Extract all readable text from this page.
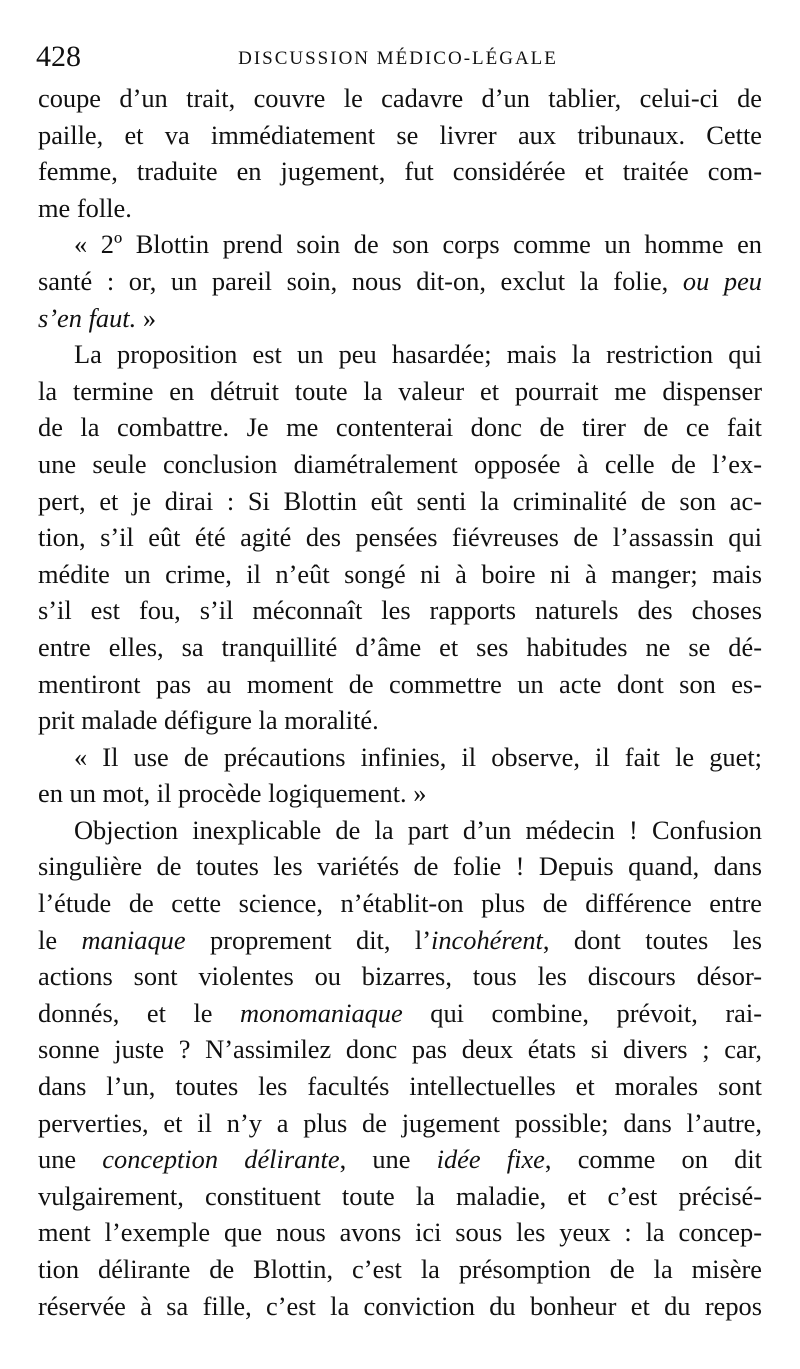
428	DISCUSSION MÉDICO-LÉGALE
coupe d’un trait, couvre le cadavre d’un tablier, celui-ci de
paille, et va immédiatement se livrer aux tribunaux. Cette
femme, traduite en jugement, fut considérée et traitée com-
me folle.
« 2º Blottin prend soin de son corps comme un homme en
santé : or, un pareil soin, nous dit-on, exclut la folie, ou peu
s’en faut. »
La proposition est un peu hasardée; mais la restriction qui
la termine en détruit toute la valeur et pourrait me dispenser
de la combattre. Je me contenterai donc de tirer de ce fait
une seule conclusion diamétralement opposée à celle de l’ex-
pert, et je dirai : Si Blottin eût senti la criminalité de son ac-
tion, s’il eût été agité des pensées fiévreuses de l’assassin qui
médite un crime, il n’eût songé ni à boire ni à manger; mais
s’il est fou, s’il méconnaît les rapports naturels des choses
entre elles, sa tranquillité d’âme et ses habitudes ne se dé-
mentiront pas au moment de commettre un acte dont son es-
prit malade défigure la moralité.
« Il use de précautions infinies, il observe, il fait le guet;
en un mot, il procède logiquement. »
Objection inexplicable de la part d’un médecin ! Confusion
singulière de toutes les variétés de folie ! Depuis quand, dans
l’étude de cette science, n’établit-on plus de différence entre
le maniaque proprement dit, l’incohérent, dont toutes les
actions sont violentes ou bizarres, tous les discours désor-
donnés, et le monomaniaque qui combine, prévoit, rai-
sonne juste ? N’assimilez donc pas deux états si divers ; car,
dans l’un, toutes les facultés intellectuelles et morales sont
perverties, et il n’y a plus de jugement possible; dans l’autre,
une conception délirante, une idée fixe, comme on dit
vulgairement, constituent toute la maladie, et c’est précisé-
ment l’exemple que nous avons ici sous les yeux : la concep-
tion délirante de Blottin, c’est la présomption de la misère
réservée à sa fille, c’est la conviction du bonheur et du repos
